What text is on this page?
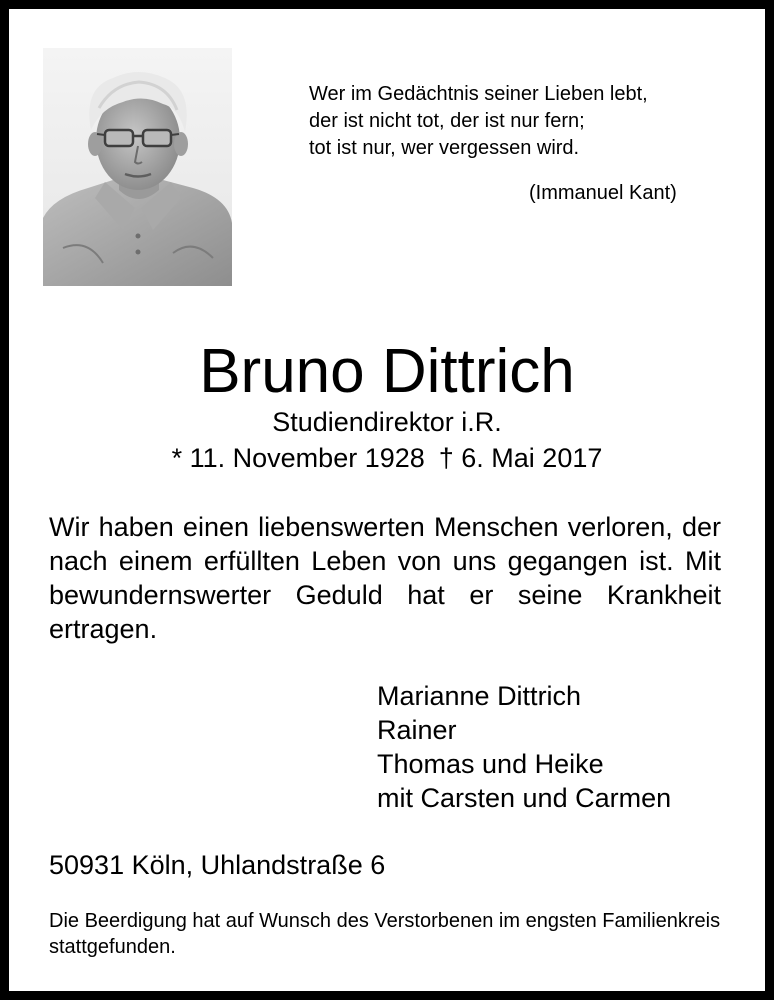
Wer im Gedächtnis seiner Lieben lebt,
der ist nicht tot, der ist nur fern;
tot ist nur, wer vergessen wird.
(Immanuel Kant)
Bruno Dittrich
Studiendirektor i.R.
* 11. November 1928 † 6. Mai 2017
Wir haben einen liebenswerten Menschen verloren, der nach einem erfüllten Leben von uns gegangen ist. Mit bewundernswerter Geduld hat er seine Krankheit ertragen.
Marianne Dittrich
Rainer
Thomas und Heike
mit Carsten und Carmen
50931 Köln, Uhlandstraße 6
Die Beerdigung hat auf Wunsch des Verstorbenen im engsten Familienkreis stattgefunden.
